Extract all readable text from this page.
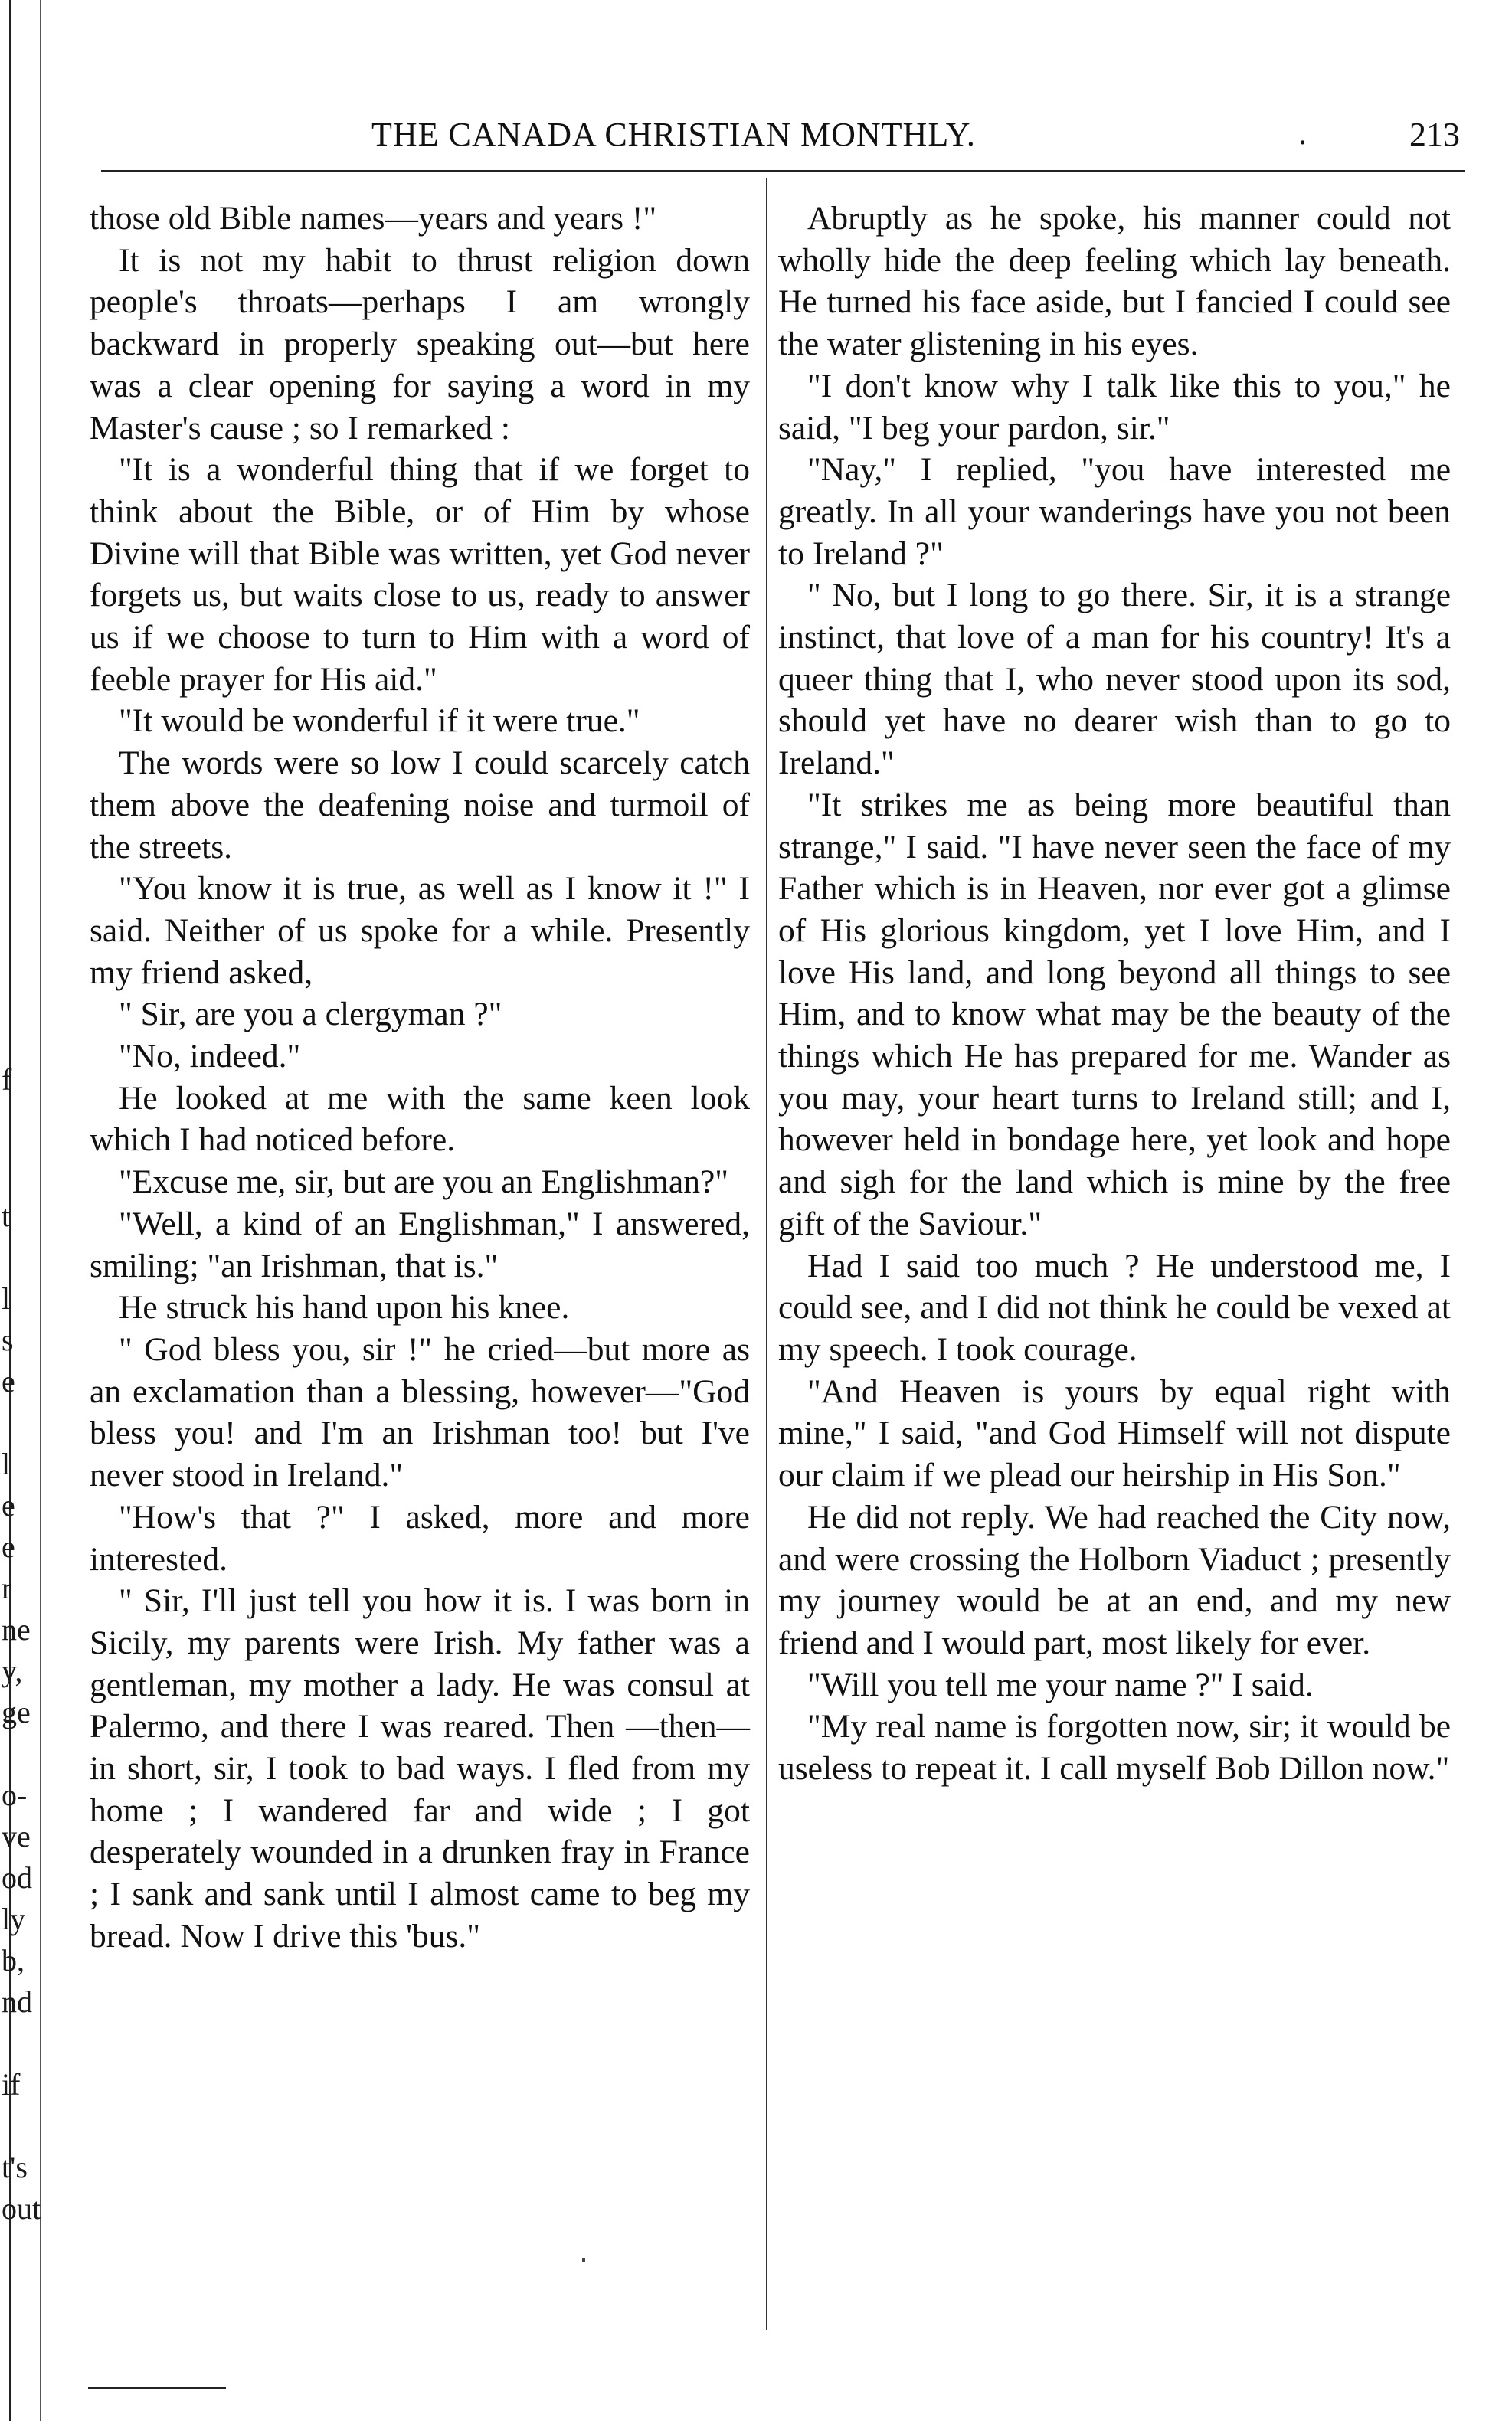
f
t
l
s
e
l
e
e
r
ne
y,
ge
o-
ve
od
ly
b,
nd
if
t's
out
THE CANADA CHRISTIAN MONTHLY.	.	213

those old Bible names—years and years !"

It is not my habit to thrust religion down people's throats—perhaps I am wrongly backward in properly speaking out—but here was a clear opening for saying a word in my Master's cause ; so I remarked :

"It is a wonderful thing that if we forget to think about the Bible, or of Him by whose Divine will that Bible was written, yet God never forgets us, but waits close to us, ready to answer us if we choose to turn to Him with a word of feeble prayer for His aid."

"It would be wonderful if it were true."

The words were so low I could scarcely catch them above the deafening noise and turmoil of the streets.

"You know it is true, as well as I know it !" I said. Neither of us spoke for a while. Presently my friend asked,

" Sir, are you a clergyman ?"

"No, indeed."

He looked at me with the same keen look which I had noticed before.

"Excuse me, sir, but are you an Englishman?"

"Well, a kind of an Englishman," I answered, smiling; "an Irishman, that is."

He struck his hand upon his knee.

" God bless you, sir !" he cried—but more as an exclamation than a blessing, however—"God bless you! and I'm an Irishman too! but I've never stood in Ireland."

"How's that ?" I asked, more and more interested.

" Sir, I'll just tell you how it is. I was born in Sicily, my parents were Irish. My father was a gentleman, my mother a lady. He was consul at Palermo, and there I was reared. Then —then—in short, sir, I took to bad ways. I fled from my home ; I wandered far and wide ; I got desperately wounded in a drunken fray in France ; I sank and sank until I almost came to beg my bread. Now I drive this 'bus."

Abruptly as he spoke, his manner could not wholly hide the deep feeling which lay beneath. He turned his face aside, but I fancied I could see the water glistening in his eyes.

"I don't know why I talk like this to you," he said, "I beg your pardon, sir."

"Nay," I replied, "you have interested me greatly. In all your wanderings have you not been to Ireland ?"

" No, but I long to go there. Sir, it is a strange instinct, that love of a man for his country! It's a queer thing that I, who never stood upon its sod, should yet have no dearer wish than to go to Ireland."

"It strikes me as being more beautiful than strange," I said. "I have never seen the face of my Father which is in Heaven, nor ever got a glimse of His glorious kingdom, yet I love Him, and I love His land, and long beyond all things to see Him, and to know what may be the beauty of the things which He has prepared for me. Wander as you may, your heart turns to Ireland still; and I, however held in bondage here, yet look and hope and sigh for the land which is mine by the free gift of the Saviour."

Had I said too much ? He understood me, I could see, and I did not think he could be vexed at my speech. I took courage.

"And Heaven is yours by equal right with mine," I said, "and God Himself will not dispute our claim if we plead our heirship in His Son."

He did not reply. We had reached the City now, and were crossing the Holborn Viaduct ; presently my journey would be at an end, and my new friend and I would part, most likely for ever.

"Will you tell me your name ?" I said.

"My real name is forgotten now, sir; it would be useless to repeat it. I call myself Bob Dillon now."
